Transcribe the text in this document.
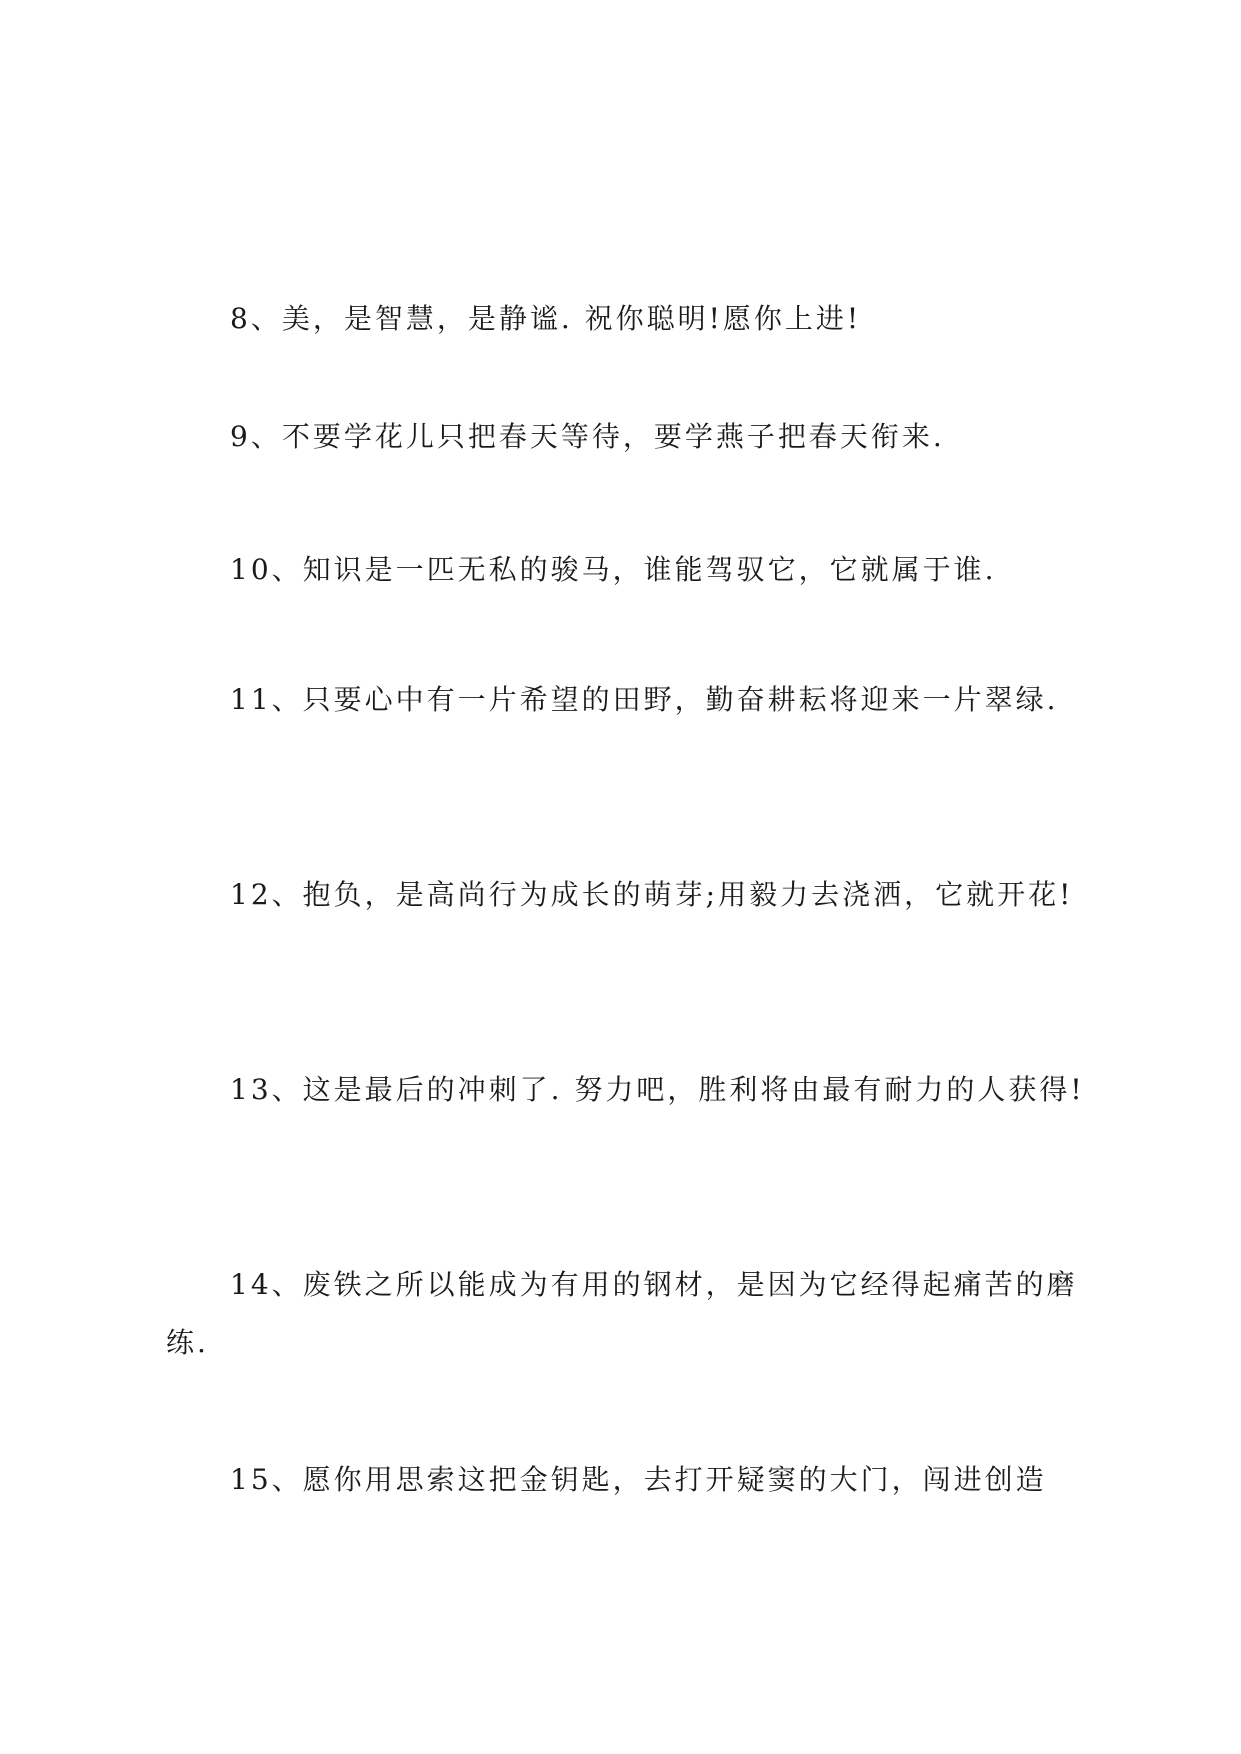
8、美，是智慧，是静谧. 祝你聪明!愿你上进!

9、不要学花儿只把春天等待，要学燕子把春天衔来.

10、知识是一匹无私的骏马，谁能驾驭它，它就属于谁.

11、只要心中有一片希望的田野，勤奋耕耘将迎来一片翠绿.

12、抱负，是高尚行为成长的萌芽;用毅力去浇洒，它就开花!

13、这是最后的冲刺了. 努力吧，胜利将由最有耐力的人获得!

14、废铁之所以能成为有用的钢材，是因为它经得起痛苦的磨练.

15、愿你用思索这把金钥匙，去打开疑窦的大门，闯进创造
